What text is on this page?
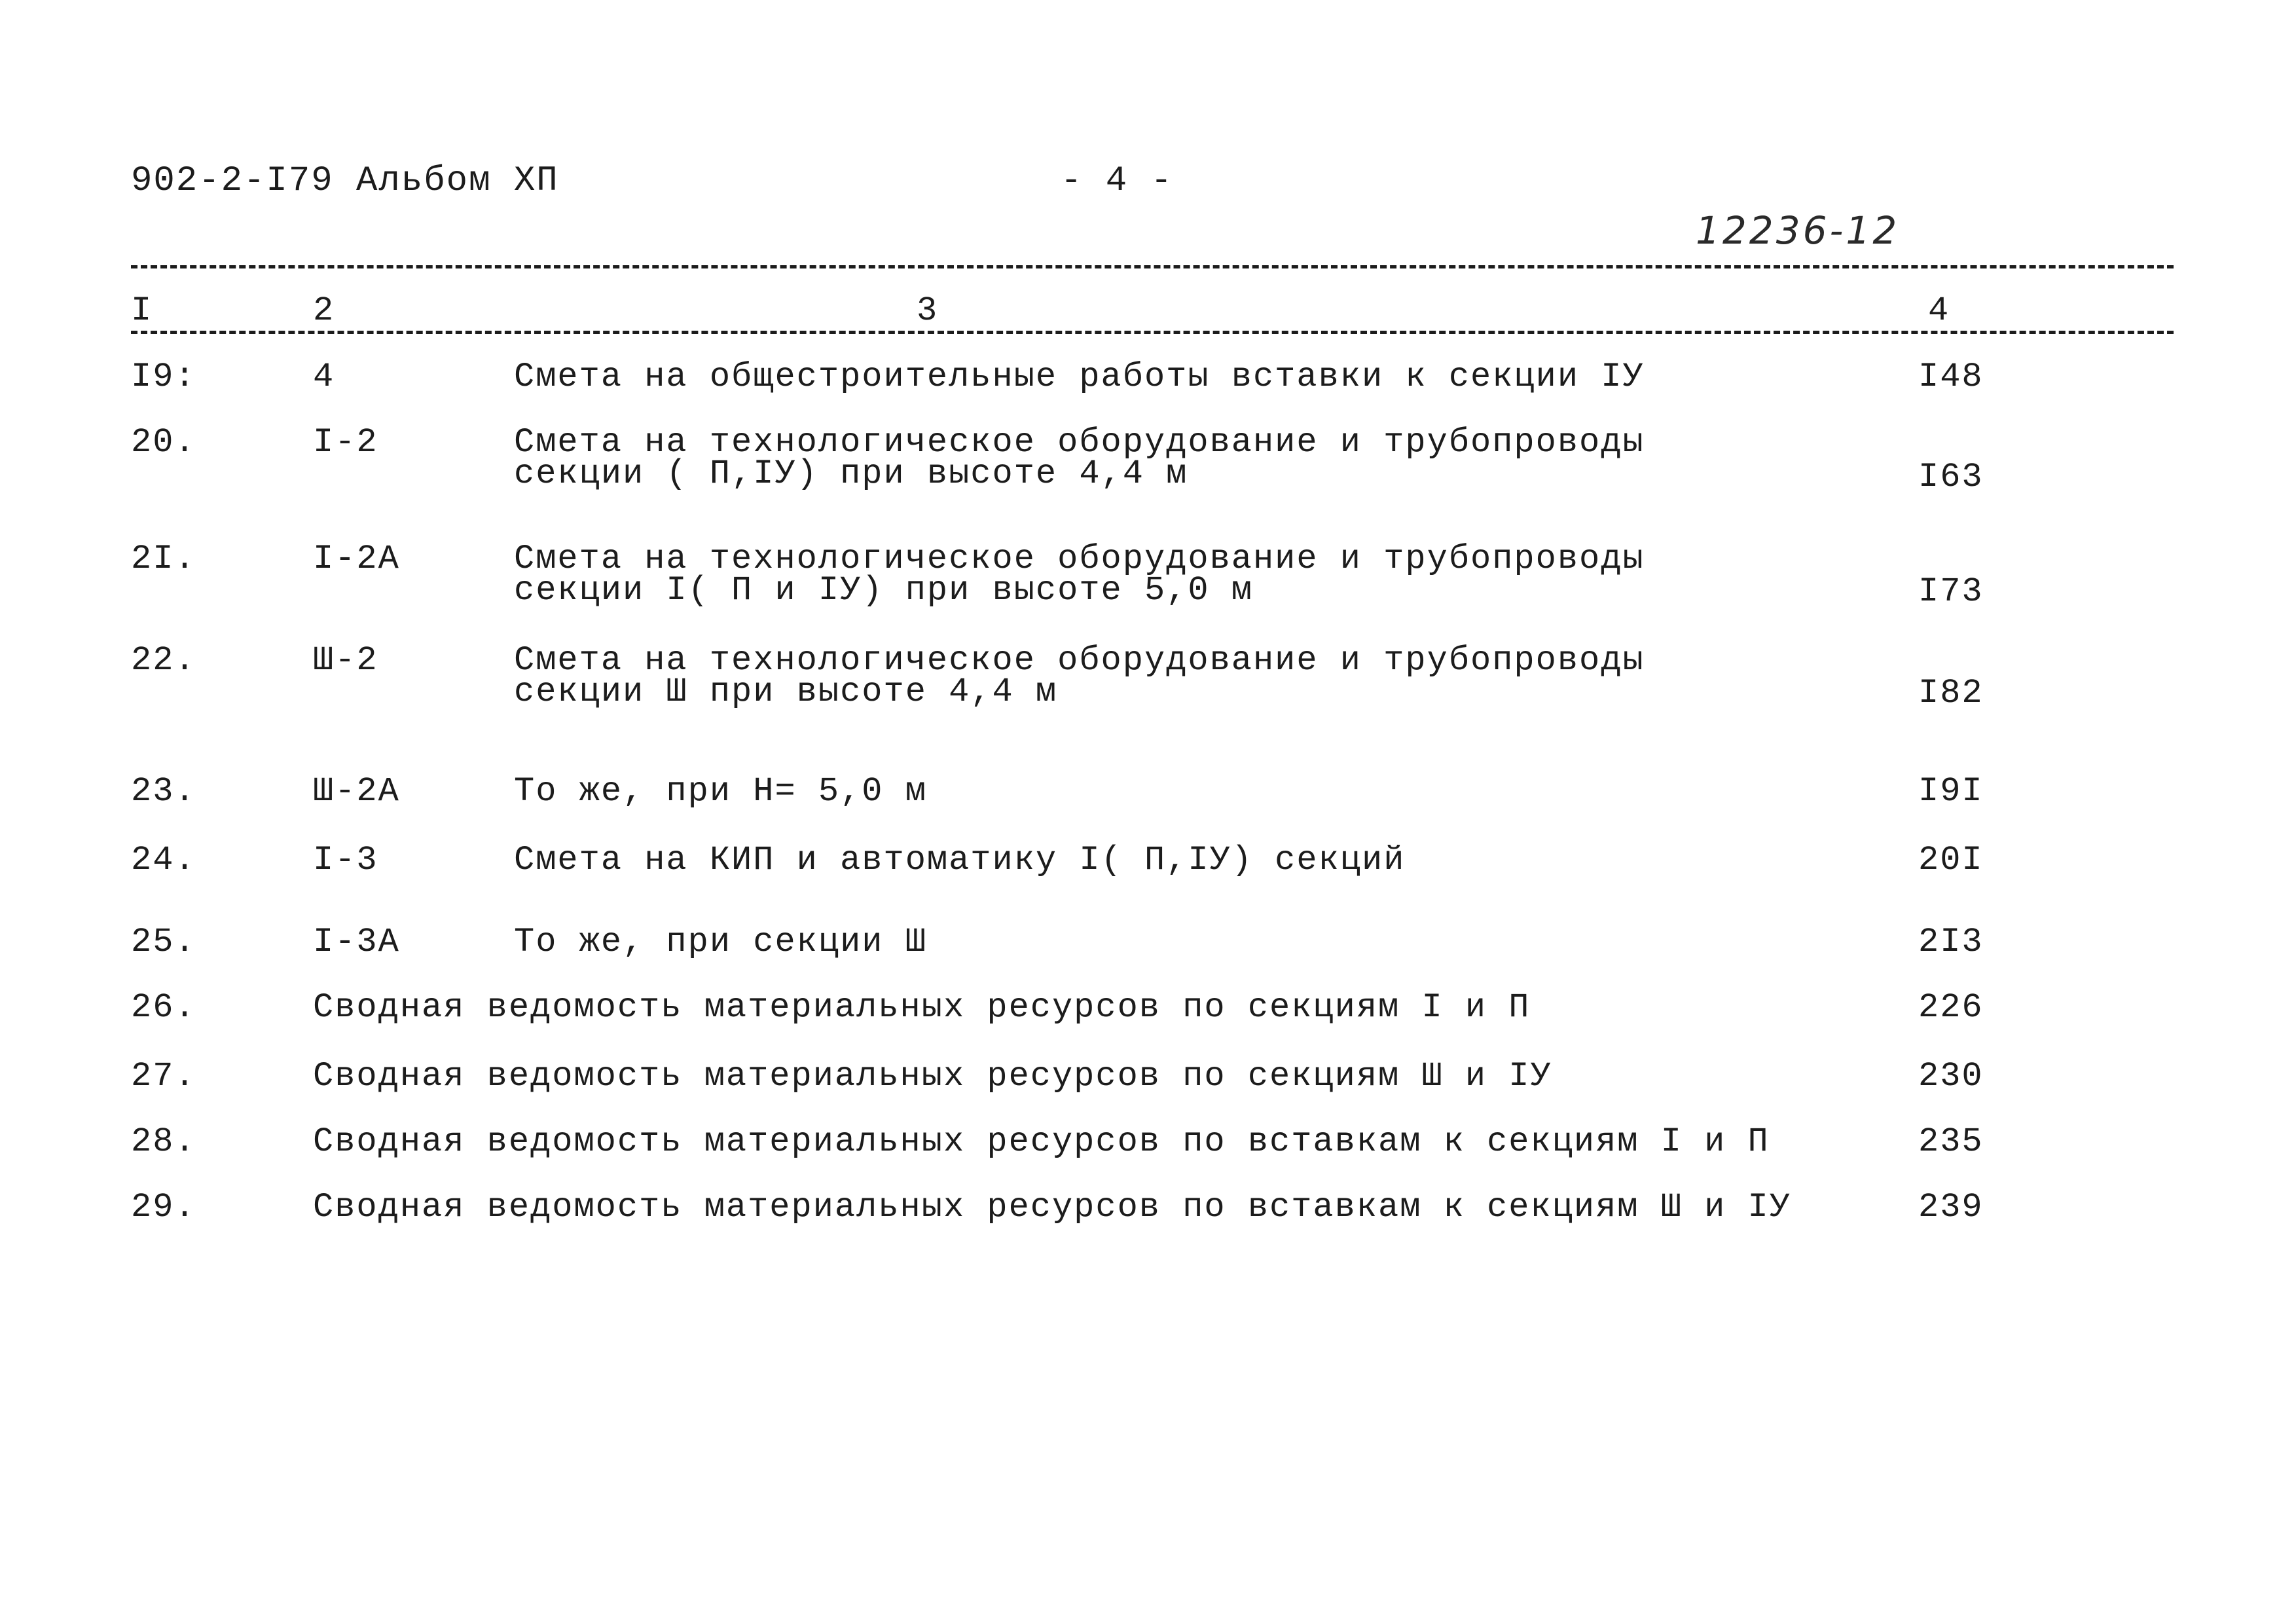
902-2-I79 Альбом XП	- 4 -
12236-12
I	2	3	4
I9:	4	Смета на общестроительные работы вставки к секции IУ	I48
20.	I-2	Смета на технологическое оборудование и трубопроводы
секции ( П,IУ) при высоте 4,4 м	I63
2I.	I-2A	Смета на технологическое оборудование и трубопроводы
секции I( П и IУ) при высоте 5,0 м	I73
22.	Ш-2	Смета на технологическое оборудование и трубопроводы
секции Ш при высоте 4,4 м	I82
23.	Ш-2А	То же, при Н= 5,0 м	I9I
24.	I-3	Смета на КИП и автоматику I( П,IУ) секций	20I
25.	I-3A	То же, при секции Ш	2I3
26.	Сводная ведомость материальных ресурсов по секциям I и П	226
27.	Сводная ведомость материальных ресурсов по секциям Ш и IУ	230
28.	Сводная ведомость материальных ресурсов по вставкам к секциям I и П	235
29.	Сводная ведомость материальных ресурсов по вставкам к секциям Ш и IУ	239
